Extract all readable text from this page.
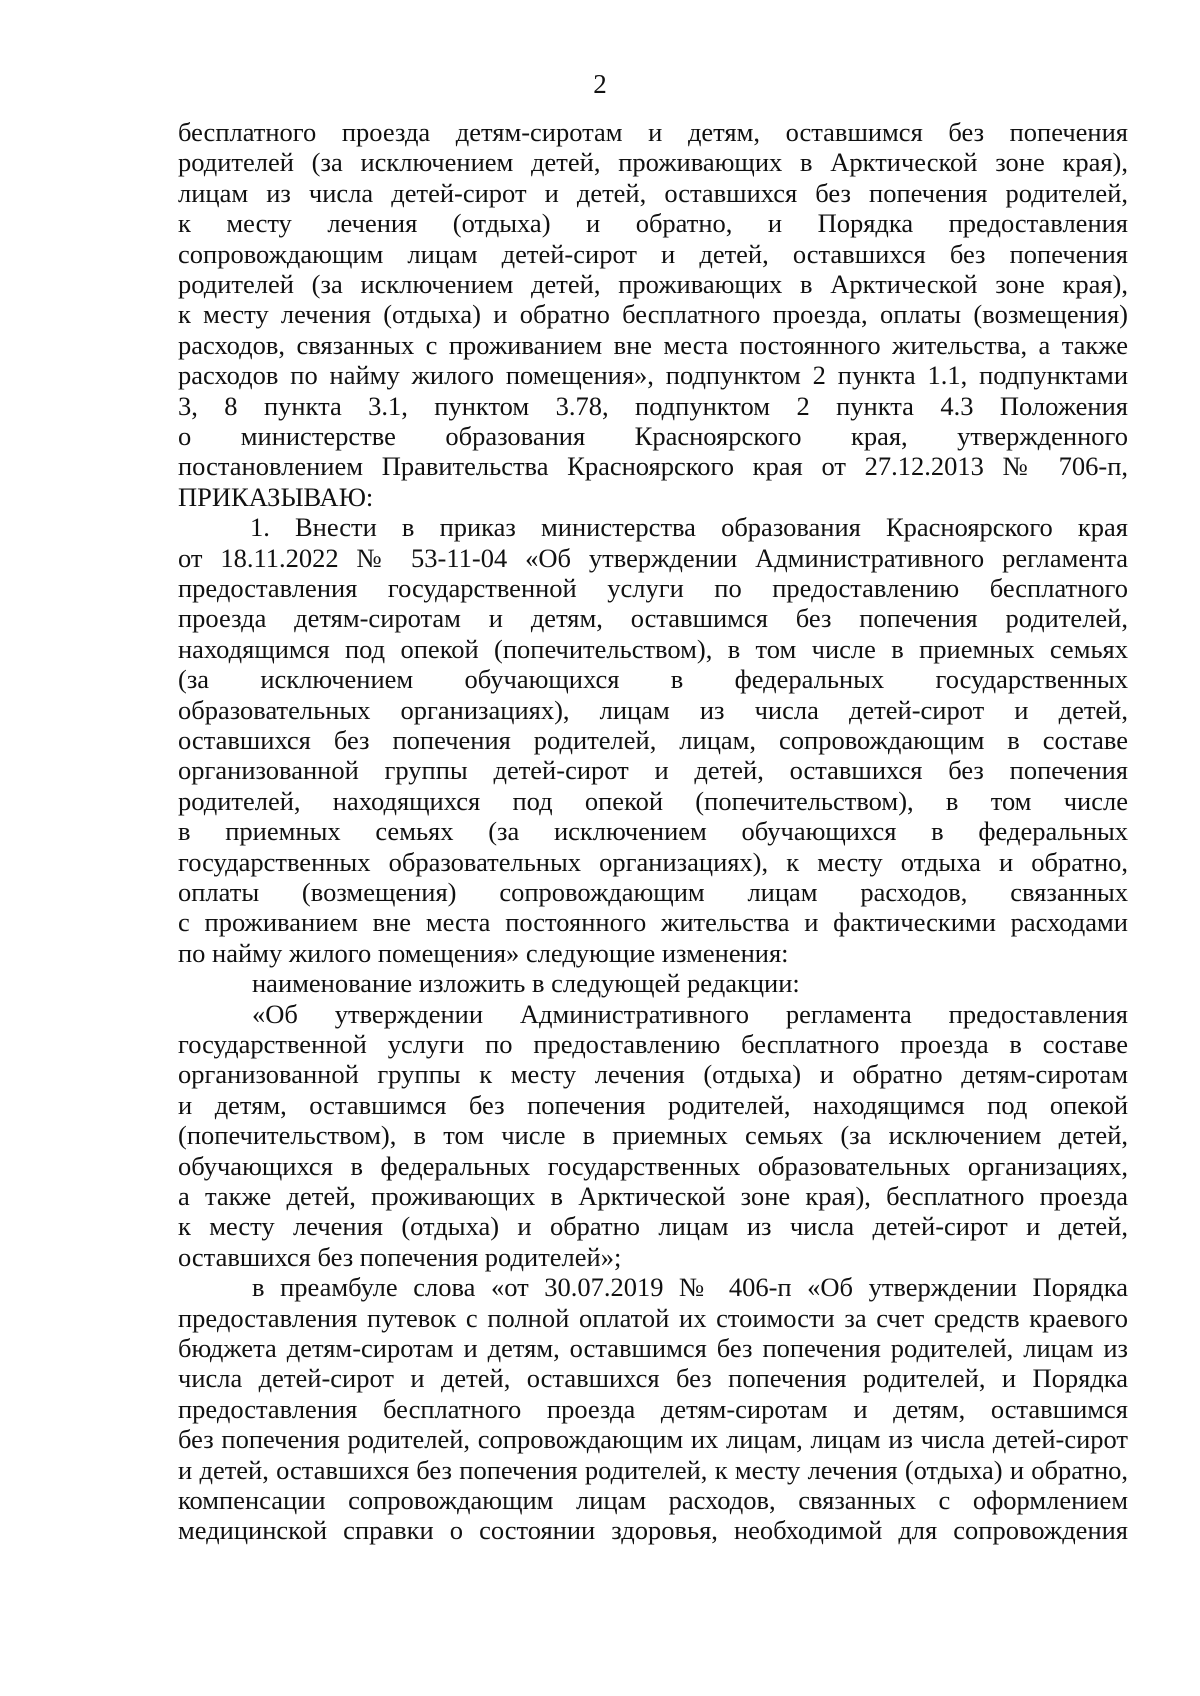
2
бесплатного проезда детям-сиротам и детям, оставшимся без попечения
родителей (за исключением детей, проживающих в Арктической зоне края),
лицам из числа детей-сирот и детей, оставшихся без попечения родителей,
к месту лечения (отдыха) и обратно, и Порядка предоставления
сопровождающим лицам детей-сирот и детей, оставшихся без попечения
родителей (за исключением детей, проживающих в Арктической зоне края),
к месту лечения (отдыха) и обратно бесплатного проезда, оплаты (возмещения)
расходов, связанных с проживанием вне места постоянного жительства, а также
расходов по найму жилого помещения», подпунктом 2 пункта 1.1, подпунктами
3, 8 пункта 3.1, пунктом 3.78, подпунктом 2 пункта 4.3 Положения
о министерстве образования Красноярского края, утвержденного
постановлением Правительства Красноярского края от 27.12.2013 № 706-п,
ПРИКАЗЫВАЮ:
1. Внести в приказ министерства образования Красноярского края
от 18.11.2022 № 53-11-04 «Об утверждении Административного регламента
предоставления государственной услуги по предоставлению бесплатного
проезда детям-сиротам и детям, оставшимся без попечения родителей,
находящимся под опекой (попечительством), в том числе в приемных семьях
(за исключением обучающихся в федеральных государственных
образовательных организациях), лицам из числа детей-сирот и детей,
оставшихся без попечения родителей, лицам, сопровождающим в составе
организованной группы детей-сирот и детей, оставшихся без попечения
родителей, находящихся под опекой (попечительством), в том числе
в приемных семьях (за исключением обучающихся в федеральных
государственных образовательных организациях), к месту отдыха и обратно,
оплаты (возмещения) сопровождающим лицам расходов, связанных
с проживанием вне места постоянного жительства и фактическими расходами
по найму жилого помещения» следующие изменения:
наименование изложить в следующей редакции:
«Об утверждении Административного регламента предоставления
государственной услуги по предоставлению бесплатного проезда в составе
организованной группы к месту лечения (отдыха) и обратно детям-сиротам
и детям, оставшимся без попечения родителей, находящимся под опекой
(попечительством), в том числе в приемных семьях (за исключением детей,
обучающихся в федеральных государственных образовательных организациях,
а также детей, проживающих в Арктической зоне края), бесплатного проезда
к месту лечения (отдыха) и обратно лицам из числа детей-сирот и детей,
оставшихся без попечения родителей»;
в преамбуле слова «от 30.07.2019 № 406-п «Об утверждении Порядка
предоставления путевок с полной оплатой их стоимости за счет средств краевого
бюджета детям-сиротам и детям, оставшимся без попечения родителей, лицам из
числа детей-сирот и детей, оставшихся без попечения родителей, и Порядка
предоставления бесплатного проезда детям-сиротам и детям, оставшимся
без попечения родителей, сопровождающим их лицам, лицам из числа детей-сирот
и детей, оставшихся без попечения родителей, к месту лечения (отдыха) и обратно,
компенсации сопровождающим лицам расходов, связанных с оформлением
медицинской справки о состоянии здоровья, необходимой для сопровождения
